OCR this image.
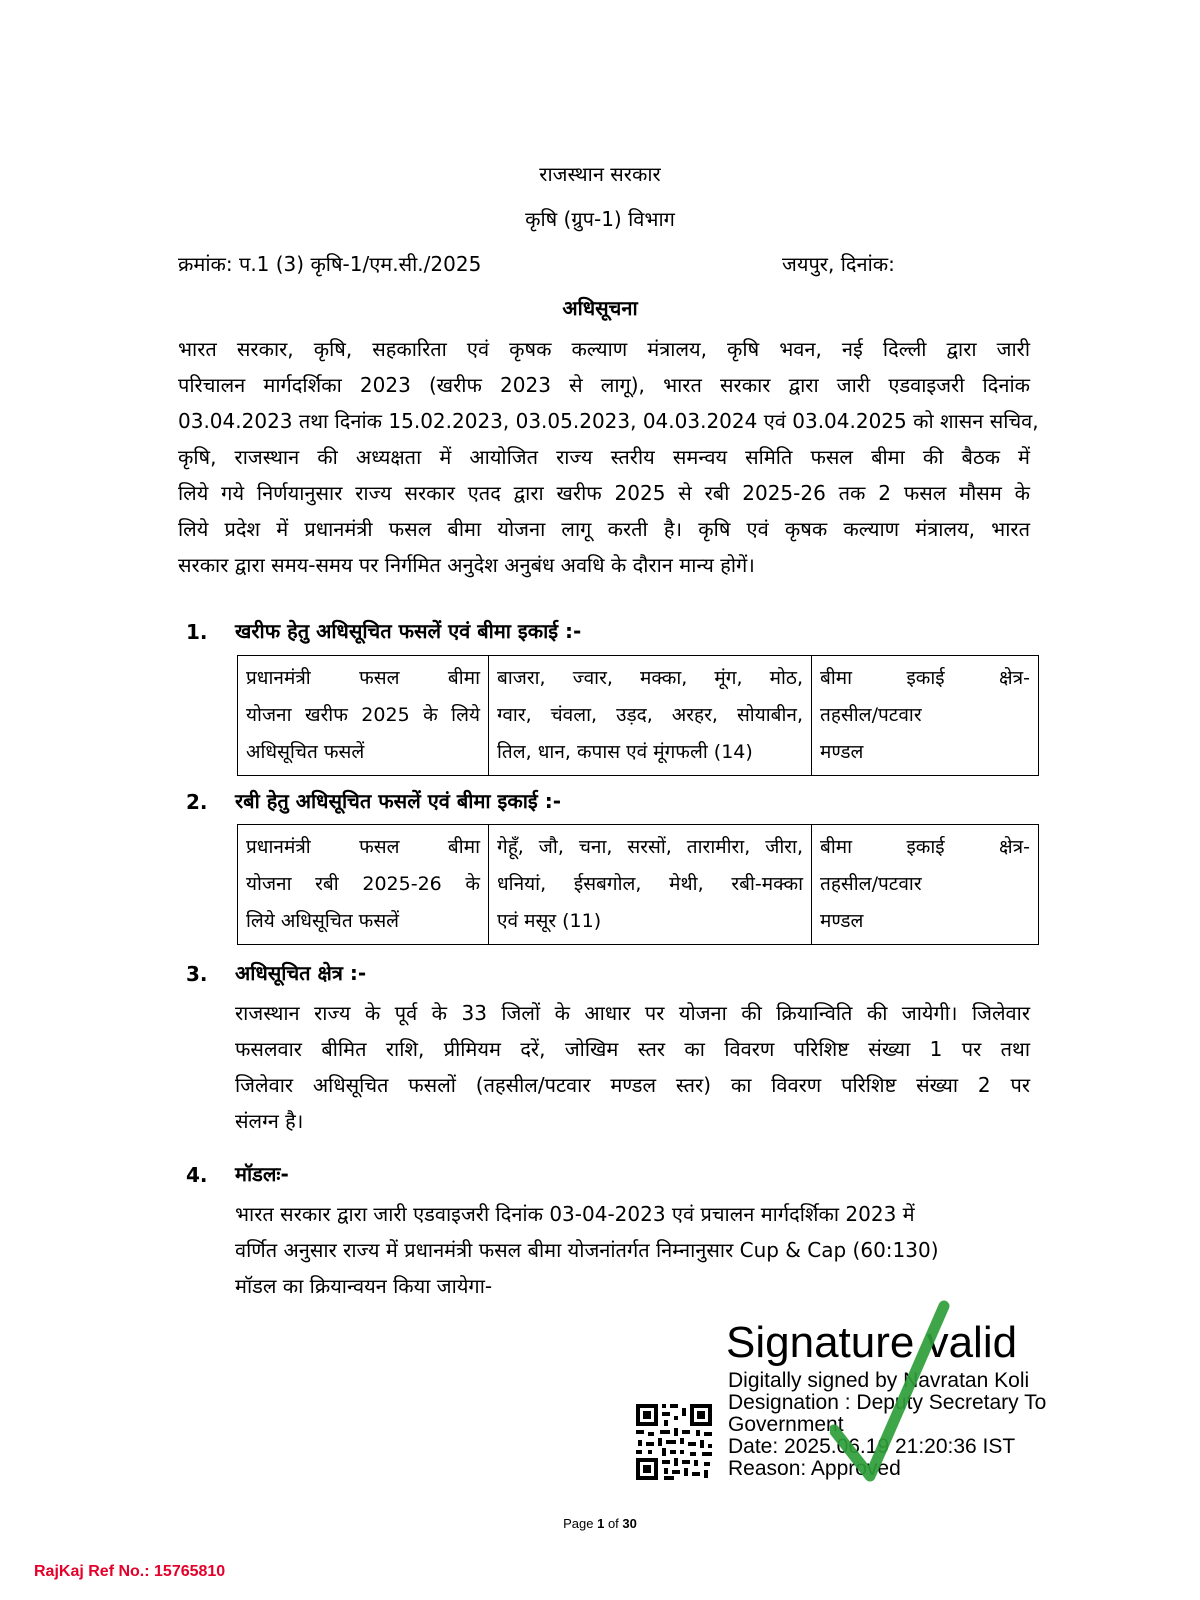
राजस्थान सरकार
कृषि (ग्रुप-1) विभाग
क्रमांक: प.1 (3) कृषि-1/एम.सी./2025	जयपुर, दिनांक:
अधिसूचना
भारत सरकार, कृषि, सहकारिता एवं कृषक कल्याण मंत्रालय, कृषि भवन, नई दिल्ली द्वारा जारी
परिचालन मार्गदर्शिका 2023 (खरीफ 2023 से लागू), भारत सरकार द्वारा जारी एडवाइजरी दिनांक
03.04.2023 तथा दिनांक 15.02.2023, 03.05.2023, 04.03.2024 एवं 03.04.2025 को शासन सचिव,
कृषि, राजस्थान की अध्यक्षता में आयोजित राज्य स्तरीय समन्वय समिति फसल बीमा की बैठक में
लिये गये निर्णयानुसार राज्य सरकार एतद द्वारा खरीफ 2025 से रबी 2025-26 तक 2 फसल मौसम के
लिये प्रदेश में प्रधानमंत्री फसल बीमा योजना लागू करती है। कृषि एवं कृषक कल्याण मंत्रालय, भारत
सरकार द्वारा समय-समय पर निर्गमित अनुदेश अनुबंध अवधि के दौरान मान्य होगें।
1. खरीफ हेतु अधिसूचित फसलें एवं बीमा इकाई :-
प्रधानमंत्री फसल बीमा
योजना खरीफ 2025 के लिये
अधिसूचित फसलें

बाजरा, ज्वार, मक्का, मूंग, मोठ,
ग्वार, चंवला, उड़द, अरहर, सोयाबीन,
तिल, धान, कपास एवं मूंगफली (14)

बीमा इकाई क्षेत्र-
तहसील/पटवार
मण्डल
2. रबी हेतु अधिसूचित फसलें एवं बीमा इकाई :-
प्रधानमंत्री फसल बीमा
योजना रबी 2025-26 के
लिये अधिसूचित फसलें

गेहूँ, जौ, चना, सरसों, तारामीरा, जीरा,
धनियां, ईसबगोल, मेथी, रबी-मक्का
एवं मसूर (11)

बीमा इकाई क्षेत्र-
तहसील/पटवार
मण्डल
3. अधिसूचित क्षेत्र :-
राजस्थान राज्य के पूर्व के 33 जिलों के आधार पर योजना की क्रियान्विति की जायेगी। जिलेवार
फसलवार बीमित राशि, प्रीमियम दरें, जोखिम स्तर का विवरण परिशिष्ट संख्या 1 पर तथा
जिलेवार अधिसूचित फसलों (तहसील/पटवार मण्डल स्तर) का विवरण परिशिष्ट संख्या 2 पर
संलग्न है।
4. मॉडलः-
भारत सरकार द्वारा जारी एडवाइजरी दिनांक 03-04-2023 एवं प्रचालन मार्गदर्शिका 2023 में
वर्णित अनुसार राज्य में प्रधानमंत्री फसल बीमा योजनांतर्गत निम्नानुसार Cup & Cap (60:130)
मॉडल का क्रियान्वयन किया जायेगा-
Signature valid
Digitally signed by Navratan Koli
Designation : Deputy Secretary To
Government
Date: 2025.06.19 21:20:36 IST
Reason: Approved
Page 1 of 30
RajKaj Ref No.: 15765810
